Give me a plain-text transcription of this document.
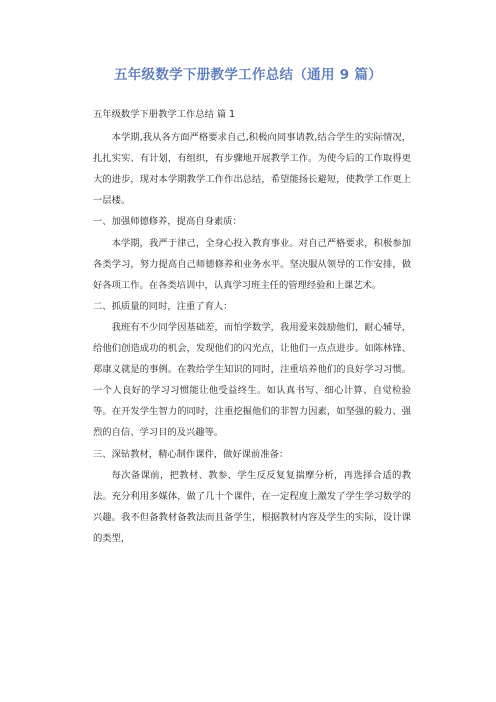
五年级数学下册教学工作总结（通用 9 篇）

五年级数学下册教学工作总结 篇 1

本学期,我从各方面严格要求自己,积极向同事请教,结合学生的实际情况，扎扎实实、有计划，有组织，有步骤地开展教学工作。为使今后的工作取得更大的进步，现对本学期教学工作作出总结，希望能扬长避短，使教学工作更上一层楼。

一、加强师德修养，提高自身素质：

本学期，我严于律己，全身心投入教育事业。对自己严格要求，积极参加各类学习，努力提高自己师德修养和业务水平。坚决服从领导的工作安排，做好各项工作。在各类培训中，认真学习班主任的管理经验和上课艺术。

二、抓质量的同时，注重了育人：

我班有不少同学因基础差，而怕学数学，我用爱来鼓励他们，耐心辅导，给他们创造成功的机会，发现他们的闪光点，让他们一点点进步。如陈林锋、郑康义就是的事例。在教给学生知识的同时，注重培养他们的良好学习习惯。一个人良好的学习习惯能让他受益终生。如认真书写、细心计算、自觉检验等。在开发学生智力的同时，注重挖掘他们的非智力因素，如坚强的毅力、强烈的自信、学习目的及兴趣等。

三、深钻教材，精心制作课件，做好课前准备：

每次备课前，把教材、教参、学生反反复复揣摩分析，再选择合适的教法。充分利用多媒体，做了几十个课件，在一定程度上激发了学生学习数学的兴趣。我不但备教材备教法而且备学生，根据教材内容及学生的实际，设计课的类型，
